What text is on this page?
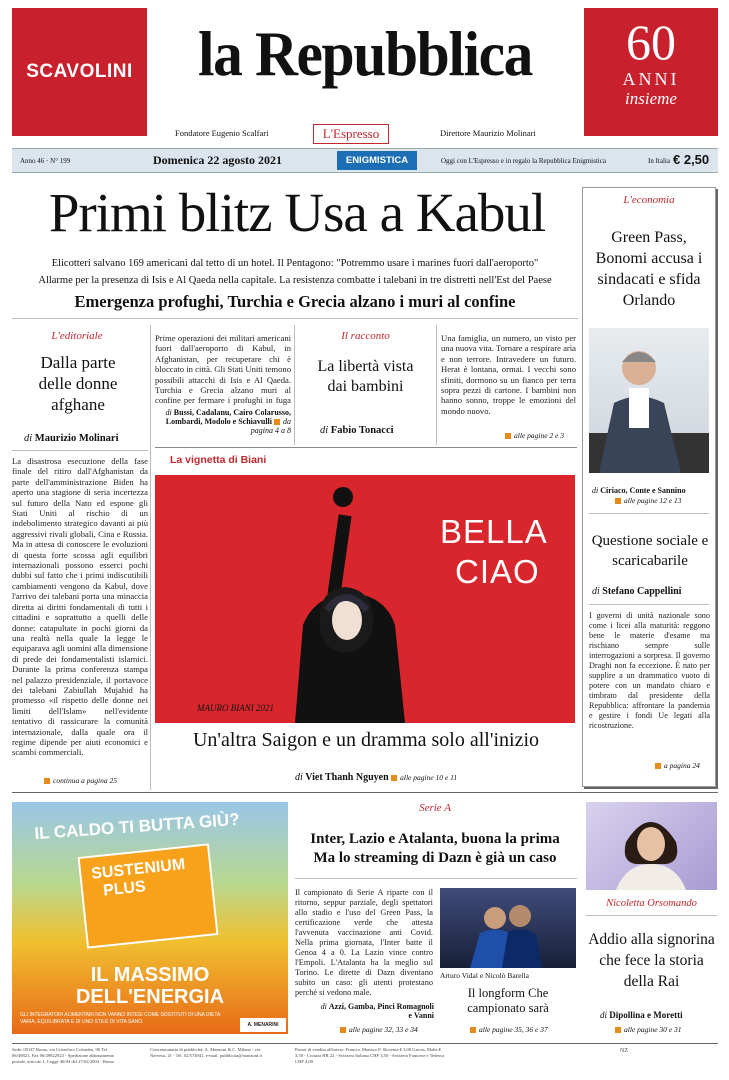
SCAVOLINI	la Repubblica	60
ANNI
insieme
Fondatore Eugenio Scalfari	L'Espresso	Direttore Maurizio Molinari
Anno 46 · N° 199	Domenica 22 agosto 2021	ENIGMISTICA	Oggi con L'Espresso e in regalo la Repubblica Enigmistica	In Italia € 2,50
Primi blitz Usa a Kabul
Elicotteri salvano 169 americani dal tetto di un hotel. Il Pentagono: "Potremmo usare i marines fuori dall'aeroporto"
Allarme per la presenza di Isis e Al Qaeda nella capitale. La resistenza combatte i talebani in tre distretti nell'Est del Paese
Emergenza profughi, Turchia e Grecia alzano i muri al confine
L'editoriale
Dalla parte delle donne afghane
di Maurizio Molinari
La disastrosa esecuzione della fase finale del ritiro dall'Afghanistan da parte dell'amministrazione Biden ha aperto una stagione di seria incertezza sul futuro della Nato ed espone gli Stati Uniti al rischio di un indebolimento strategico davanti ai più aggressivi rivali globali, Cina e Russia. Ma in attesa di conoscere le evoluzioni di questa forte scossa agli equilibri internazionali possono esserci pochi dubbi sul fatto che i primi indiscutibili cambiamenti vengono da Kabul, dove l'arrivo dei talebani porta una minaccia diretta ai diritti fondamentali di tutti i cittadini e soprattutto a quelli delle donne: catapultate in pochi giorni da una realtà nella quale la legge le equiparava agli uomini alla dimensione di prede dei fondamentalisti islamici. Durante la prima conferenza stampa nel palazzo presidenziale, il portavoce dei talebani Zabiullah Mujahid ha promesso «il rispetto delle donne nei limiti dell'Islam» nell'evidente tentativo di rassicurare la comunità internazionale, dalla quale ora il regime dipende per aiuti economici e scambi commerciali.
continua a pagina 25
Prime operazioni dei militari americani fuori dall'aeroporto di Kabul, in Afghanistan, per recuperare chi è bloccato in città. Gli Stati Uniti temono possibili attacchi di Isis e Al Qaeda. Turchia e Grecia alzano muri al confine per fermare i profughi in fuga
di Bussi, Cadalanu, Cairo Colarusso, Lombardi, Modolo e Schiavulli da pagina 4 a 8
Il racconto
La libertà vista dai bambini
di Fabio Tonacci
Una famiglia, un numero, un visto per una nuova vita. Tornare a respirare aria e non terrore. Intravedere un futuro. Herat è lontana, ormai. I vecchi sono sfiniti, dormono su un fianco per terra sopra pezzi di cartone. I bambini non hanno sonno, troppe le emozioni del mondo nuovo.
alle pagine 2 e 3
La vignetta di Biani
BELLA
CIAO
MAURO BIANI 2021
Un'altra Saigon e un dramma solo all'inizio
di Viet Thanh Nguyen alle pagine 10 e 11
L'economia
Green Pass, Bonomi accusa i sindacati e sfida Orlando
di Ciriaco, Conte e Sannino
alle pagine 12 e 13
Questione sociale e scaricabarile
di Stefano Cappellini
I governi di unità nazionale sono come i licei alla maturità: reggono bene le materie d'esame ma rischiano sempre sulle interrogazioni a sorpresa. Il governo Draghi non fa eccezione. È nato per supplire a un drammatico vuoto di potere con un mandato chiaro e timbrato dal presidente della Repubblica: affrontare la pandemia e gestire i fondi Ue legati alla ricostruzione.
a pagina 24
IL CALDO TI BUTTA GIÙ?
SUSTENIUM
PLUS
IL MASSIMO
DELL'ENERGIA
GLI INTEGRATORI ALIMENTARI NON VANNO INTESI COME SOSTITUTI DI UNA DIETA VARIA, EQUILIBRATA E DI UNO STILE DI VITA SANO.
A. MENARINI
Serie A
Inter, Lazio e Atalanta, buona la prima
Ma lo streaming di Dazn è già un caso
Il campionato di Serie A riparte con il ritorno, seppur parziale, degli spettatori allo stadio e l'uso del Green Pass, la certificazione verde che attesta l'avvenuta vaccinazione anti Covid. Nella prima giornata, l'Inter batte il Genoa 4 a 0. La Lazio vince contro l'Empoli. L'Atalanta ha la meglio sul Torino. Le dirette di Dazn diventano subito un caso: gli utenti protestano perché si vedono male.
di Azzi, Gamba, Pinci Romagnoli e Vanni
alle pagine 32, 33 e 34
Arturo Vidal e Nicolò Barella
Il longform Che campionato sarà
alle pagine 35, 36 e 37
Nicoletta Orsomando
Addio alla signorina che fece la storia della Rai
di Dipollina e Moretti
alle pagine 30 e 31
Sede: 00147 Roma, via Cristoforo Colombo, 90 Tel. 06/49821, Fax 06/49822923 - Spedizione abbonamento postale, articolo 1, Legge 46/04 del 27/02/2004 - Roma
Concessionaria di pubblicità: A. Manzoni & C. Milano - via Nervesa, 21 - Tel. 02/574941, e-mail: pubblicita@manzoni.it
Prezzi di vendita all'estero: Francia, Monaco P. Slovenia € 3,00 Grecia, Malta € 3,50 - Croazia HR 22 - Svizzera Italiana CHF 3,50 - Svizzera Francese e Tedesca CHF 4,00
NZ
